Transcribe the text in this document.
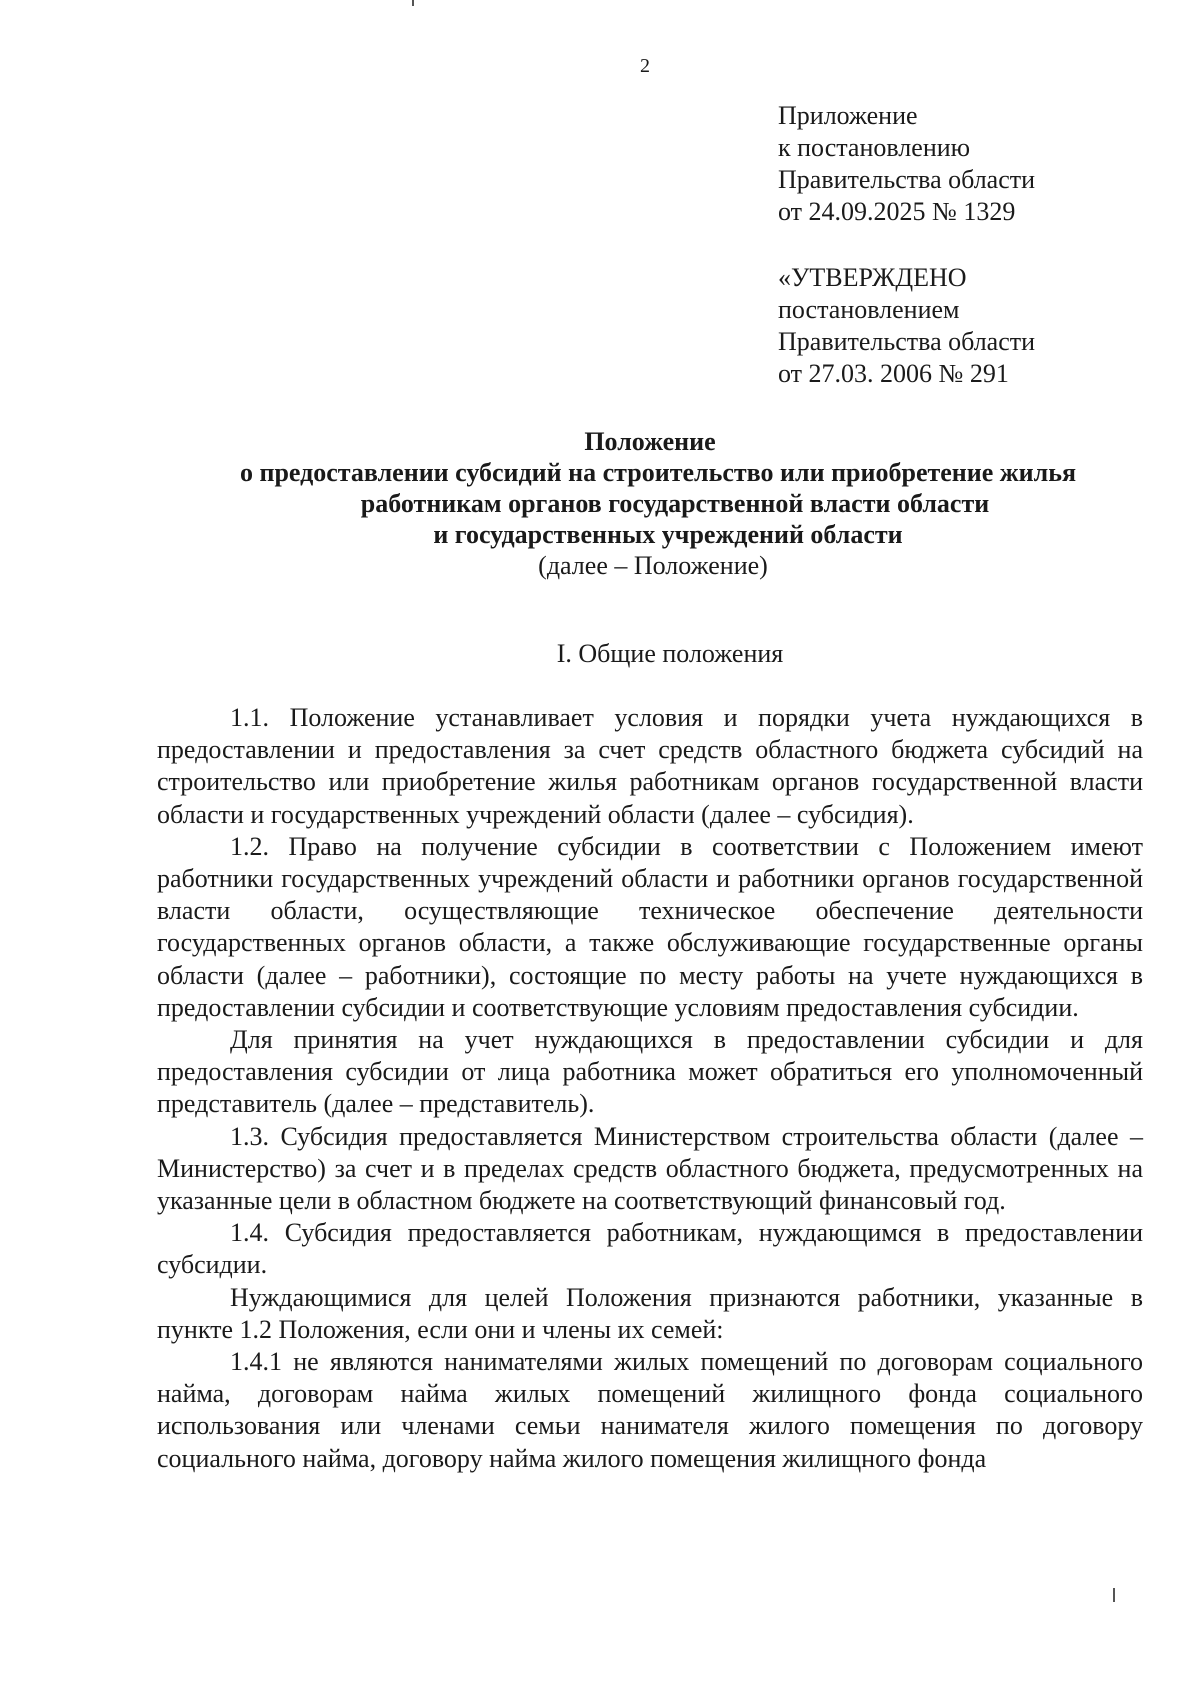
2
Приложение
к постановлению
Правительства области
от 24.09.2025 № 1329
«УТВЕРЖДЕНО
постановлением
Правительства области
от 27.03. 2006 № 291
Положение
о предоставлении субсидий на строительство или приобретение жилья
работникам органов государственной власти области
и государственных учреждений области
(далее – Положение)
I. Общие положения

1.1. Положение устанавливает условия и порядки учета нуждающихся в предоставлении и предоставления за счет средств областного бюджета субсидий на строительство или приобретение жилья работникам органов государственной власти области и государственных учреждений области (далее – субсидия).

1.2. Право на получение субсидии в соответствии с Положением имеют работники государственных учреждений области и работники органов государственной власти области, осуществляющие техническое обеспечение деятельности государственных органов области, а также обслуживающие государственные органы области (далее – работники), состоящие по месту работы на учете нуждающихся в предоставлении субсидии и соответствующие условиям предоставления субсидии.

Для принятия на учет нуждающихся в предоставлении субсидии и для предоставления субсидии от лица работника может обратиться его уполномоченный представитель (далее – представитель).

1.3. Субсидия предоставляется Министерством строительства области (далее – Министерство) за счет и в пределах средств областного бюджета, предусмотренных на указанные цели в областном бюджете на соответствующий финансовый год.

1.4. Субсидия предоставляется работникам, нуждающимся в предоставлении субсидии.

Нуждающимися для целей Положения признаются работники, указанные в пункте 1.2 Положения, если они и члены их семей:

1.4.1 не являются нанимателями жилых помещений по договорам социального найма, договорам найма жилых помещений жилищного фонда социального использования или членами семьи нанимателя жилого помещения по договору социального найма, договору найма жилого помещения жилищного фонда
